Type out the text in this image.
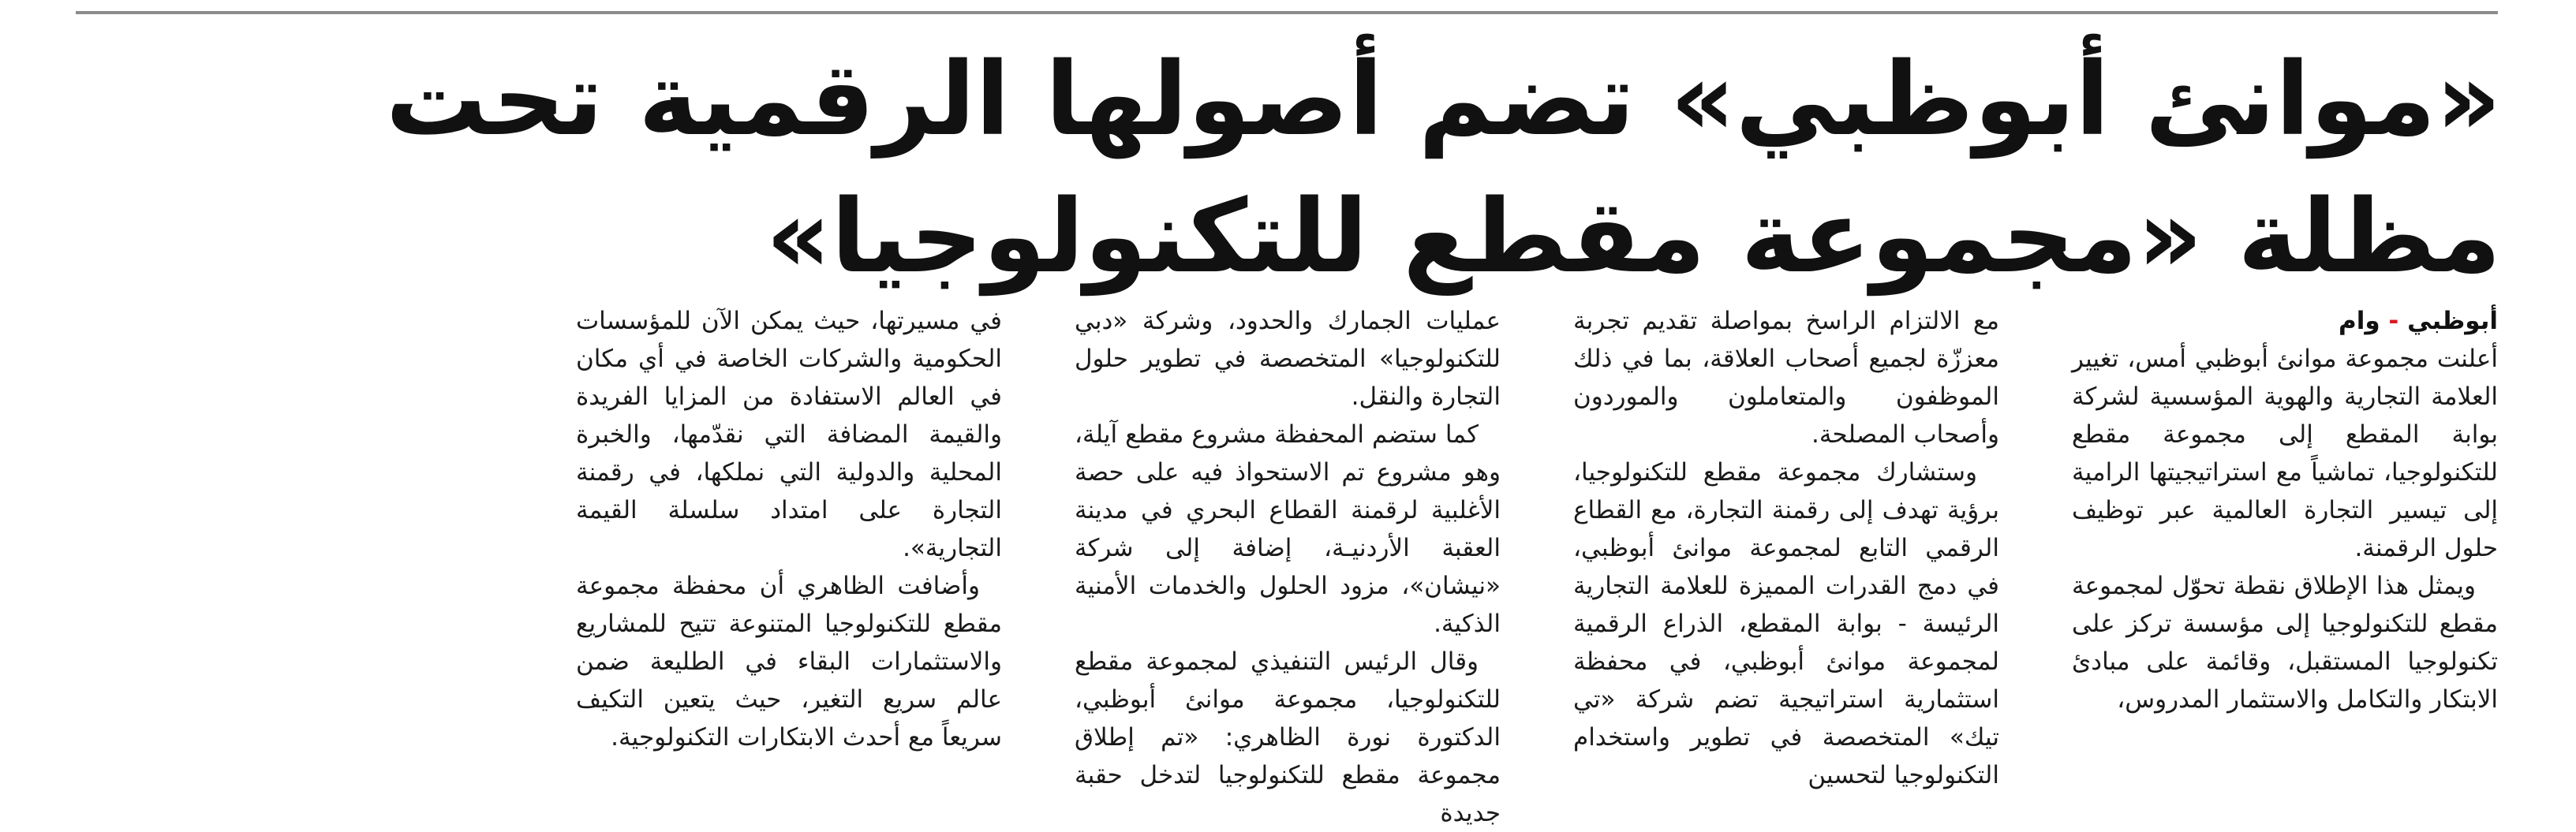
«موانئ أبوظبي» تضم أصولها الرقمية تحت مظلة «مجموعة مقطع للتكنولوجيا»
أبوظبي - وام

أعلنت مجموعة موانئ أبوظبي أمس، تغيير العلامة التجارية والهوية المؤسسية لشركة بوابة المقطع إلى مجموعة مقطع للتكنولوجيا، تماشياً مع استراتيجيتها الرامية إلى تيسير التجارة العالمية عبر توظيف حلول الرقمنة.

ويمثل هذا الإطلاق نقطة تحوّل لمجموعة مقطع للتكنولوجيا إلى مؤسسة تركز على تكنولوجيا المستقبل، وقائمة على مبادئ الابتكار والتكامل والاستثمار المدروس،

مع الالتزام الراسخ بمواصلة تقديم تجربة معززّة لجميع أصحاب العلاقة، بما في ذلك الموظفون والمتعاملون والموردون وأصحاب المصلحة.

وستشارك مجموعة مقطع للتكنولوجيا، برؤية تهدف إلى رقمنة التجارة، مع القطاع الرقمي التابع لمجموعة موانئ أبوظبي، في دمج القدرات المميزة للعلامة التجارية الرئيسة - بوابة المقطع، الذراع الرقمية لمجموعة موانئ أبوظبي، في محفظة استثمارية استراتيجية تضم شركة «تي تيك» المتخصصة في تطوير واستخدام التكنولوجيا لتحسين

عمليات الجمارك والحدود، وشركة «دبي للتكنولوجيا» المتخصصة في تطوير حلول التجارة والنقل.

كما ستضم المحفظة مشروع مقطع آيلة، وهو مشروع تم الاستحواذ فيه على حصة الأغلبية لرقمنة القطاع البحري في مدينة العقبة الأردنيـة، إضافة إلى شركة «نيشان»، مزود الحلول والخدمات الأمنية الذكية.

وقال الرئيس التنفيذي لمجموعة مقطع للتكنولوجيا، مجموعة موانئ أبوظبي، الدكتورة نورة الظاهري: «تم إطلاق مجموعة مقطع للتكنولوجيا لتدخل حقبة جديدة

في مسيرتها، حيث يمكن الآن للمؤسسات الحكومية والشركات الخاصة في أي مكان في العالم الاستفادة من المزايا الفريدة والقيمة المضافة التي نقدّمها، والخبرة المحلية والدولية التي نملكها، في رقمنة التجارة على امتداد سلسلة القيمة التجارية».

وأضافت الظاهري أن محفظة مجموعة مقطع للتكنولوجيا المتنوعة تتيح للمشاريع والاستثمارات البقاء في الطليعة ضمن عالم سريع التغير، حيث يتعين التكيف سريعاً مع أحدث الابتكارات التكنولوجية.
